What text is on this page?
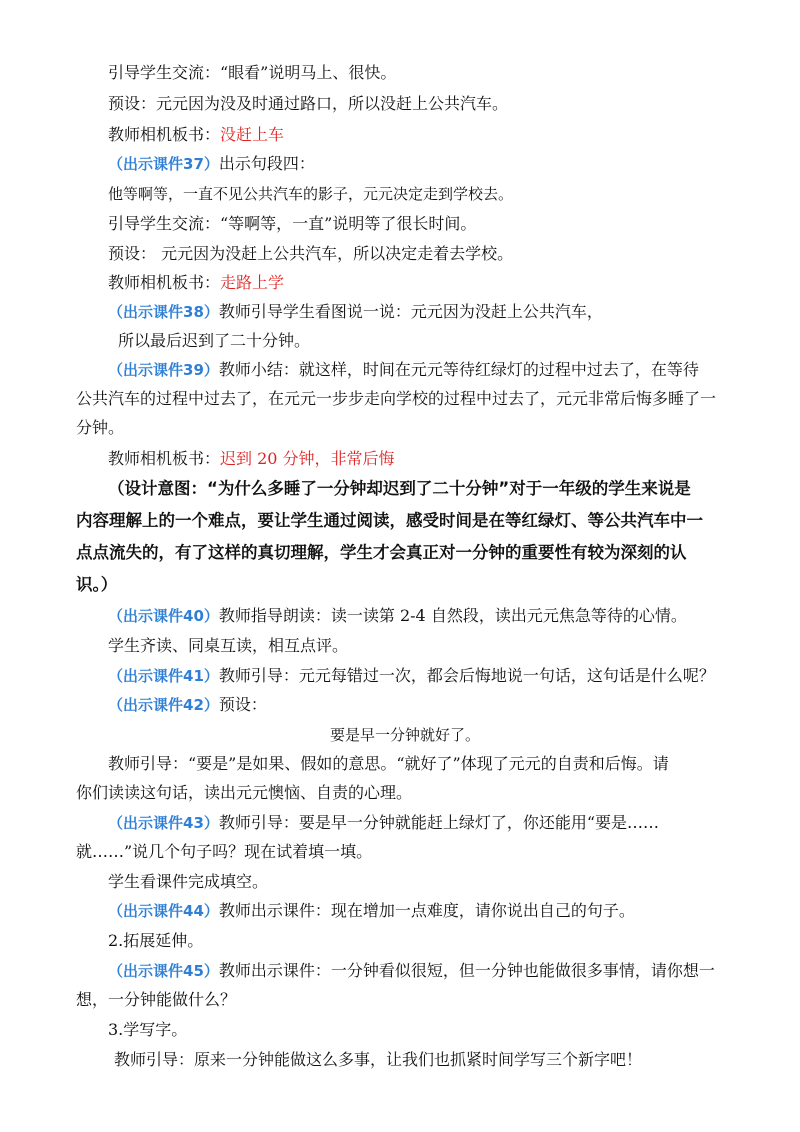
引导学生交流：“眼看”说明马上、很快。
预设：元元因为没及时通过路口，所以没赶上公共汽车。
教师相机板书：没赶上车
（出示课件37）出示句段四：
他等啊等，一直不见公共汽车的影子，元元决定走到学校去。
引导学生交流：“等啊等，一直”说明等了很长时间。
预设： 元元因为没赶上公共汽车，所以决定走着去学校。
教师相机板书：走路上学
（出示课件38）教师引导学生看图说一说：元元因为没赶上公共汽车，
所以最后迟到了二十分钟。
（出示课件39）教师小结：就这样，时间在元元等待红绿灯的过程中过去了，在等待
公共汽车的过程中过去了，在元元一步步走向学校的过程中过去了，元元非常后悔多睡了一
分钟。
教师相机板书：迟到 20 分钟，非常后悔
（设计意图：“为什么多睡了一分钟却迟到了二十分钟”对于一年级的学生来说是
内容理解上的一个难点，要让学生通过阅读，感受时间是在等红绿灯、等公共汽车中一
点点流失的，有了这样的真切理解，学生才会真正对一分钟的重要性有较为深刻的认
识。）
（出示课件40）教师指导朗读：读一读第 2-4 自然段，读出元元焦急等待的心情。
学生齐读、同桌互读，相互点评。
（出示课件41）教师引导：元元每错过一次，都会后悔地说一句话，这句话是什么呢？
（出示课件42）预设：
要是早一分钟就好了。
教师引导：“要是”是如果、假如的意思。“就好了”体现了元元的自责和后悔。请
你们读读这句话，读出元元懊恼、自责的心理。
（出示课件43）教师引导：要是早一分钟就能赶上绿灯了，你还能用“要是……
就……”说几个句子吗？现在试着填一填。
学生看课件完成填空。
（出示课件44）教师出示课件：现在增加一点难度，请你说出自己的句子。
2.拓展延伸。
（出示课件45）教师出示课件：一分钟看似很短，但一分钟也能做很多事情，请你想一
想，一分钟能做什么？
3.学写字。
教师引导：原来一分钟能做这么多事，让我们也抓紧时间学写三个新字吧！
